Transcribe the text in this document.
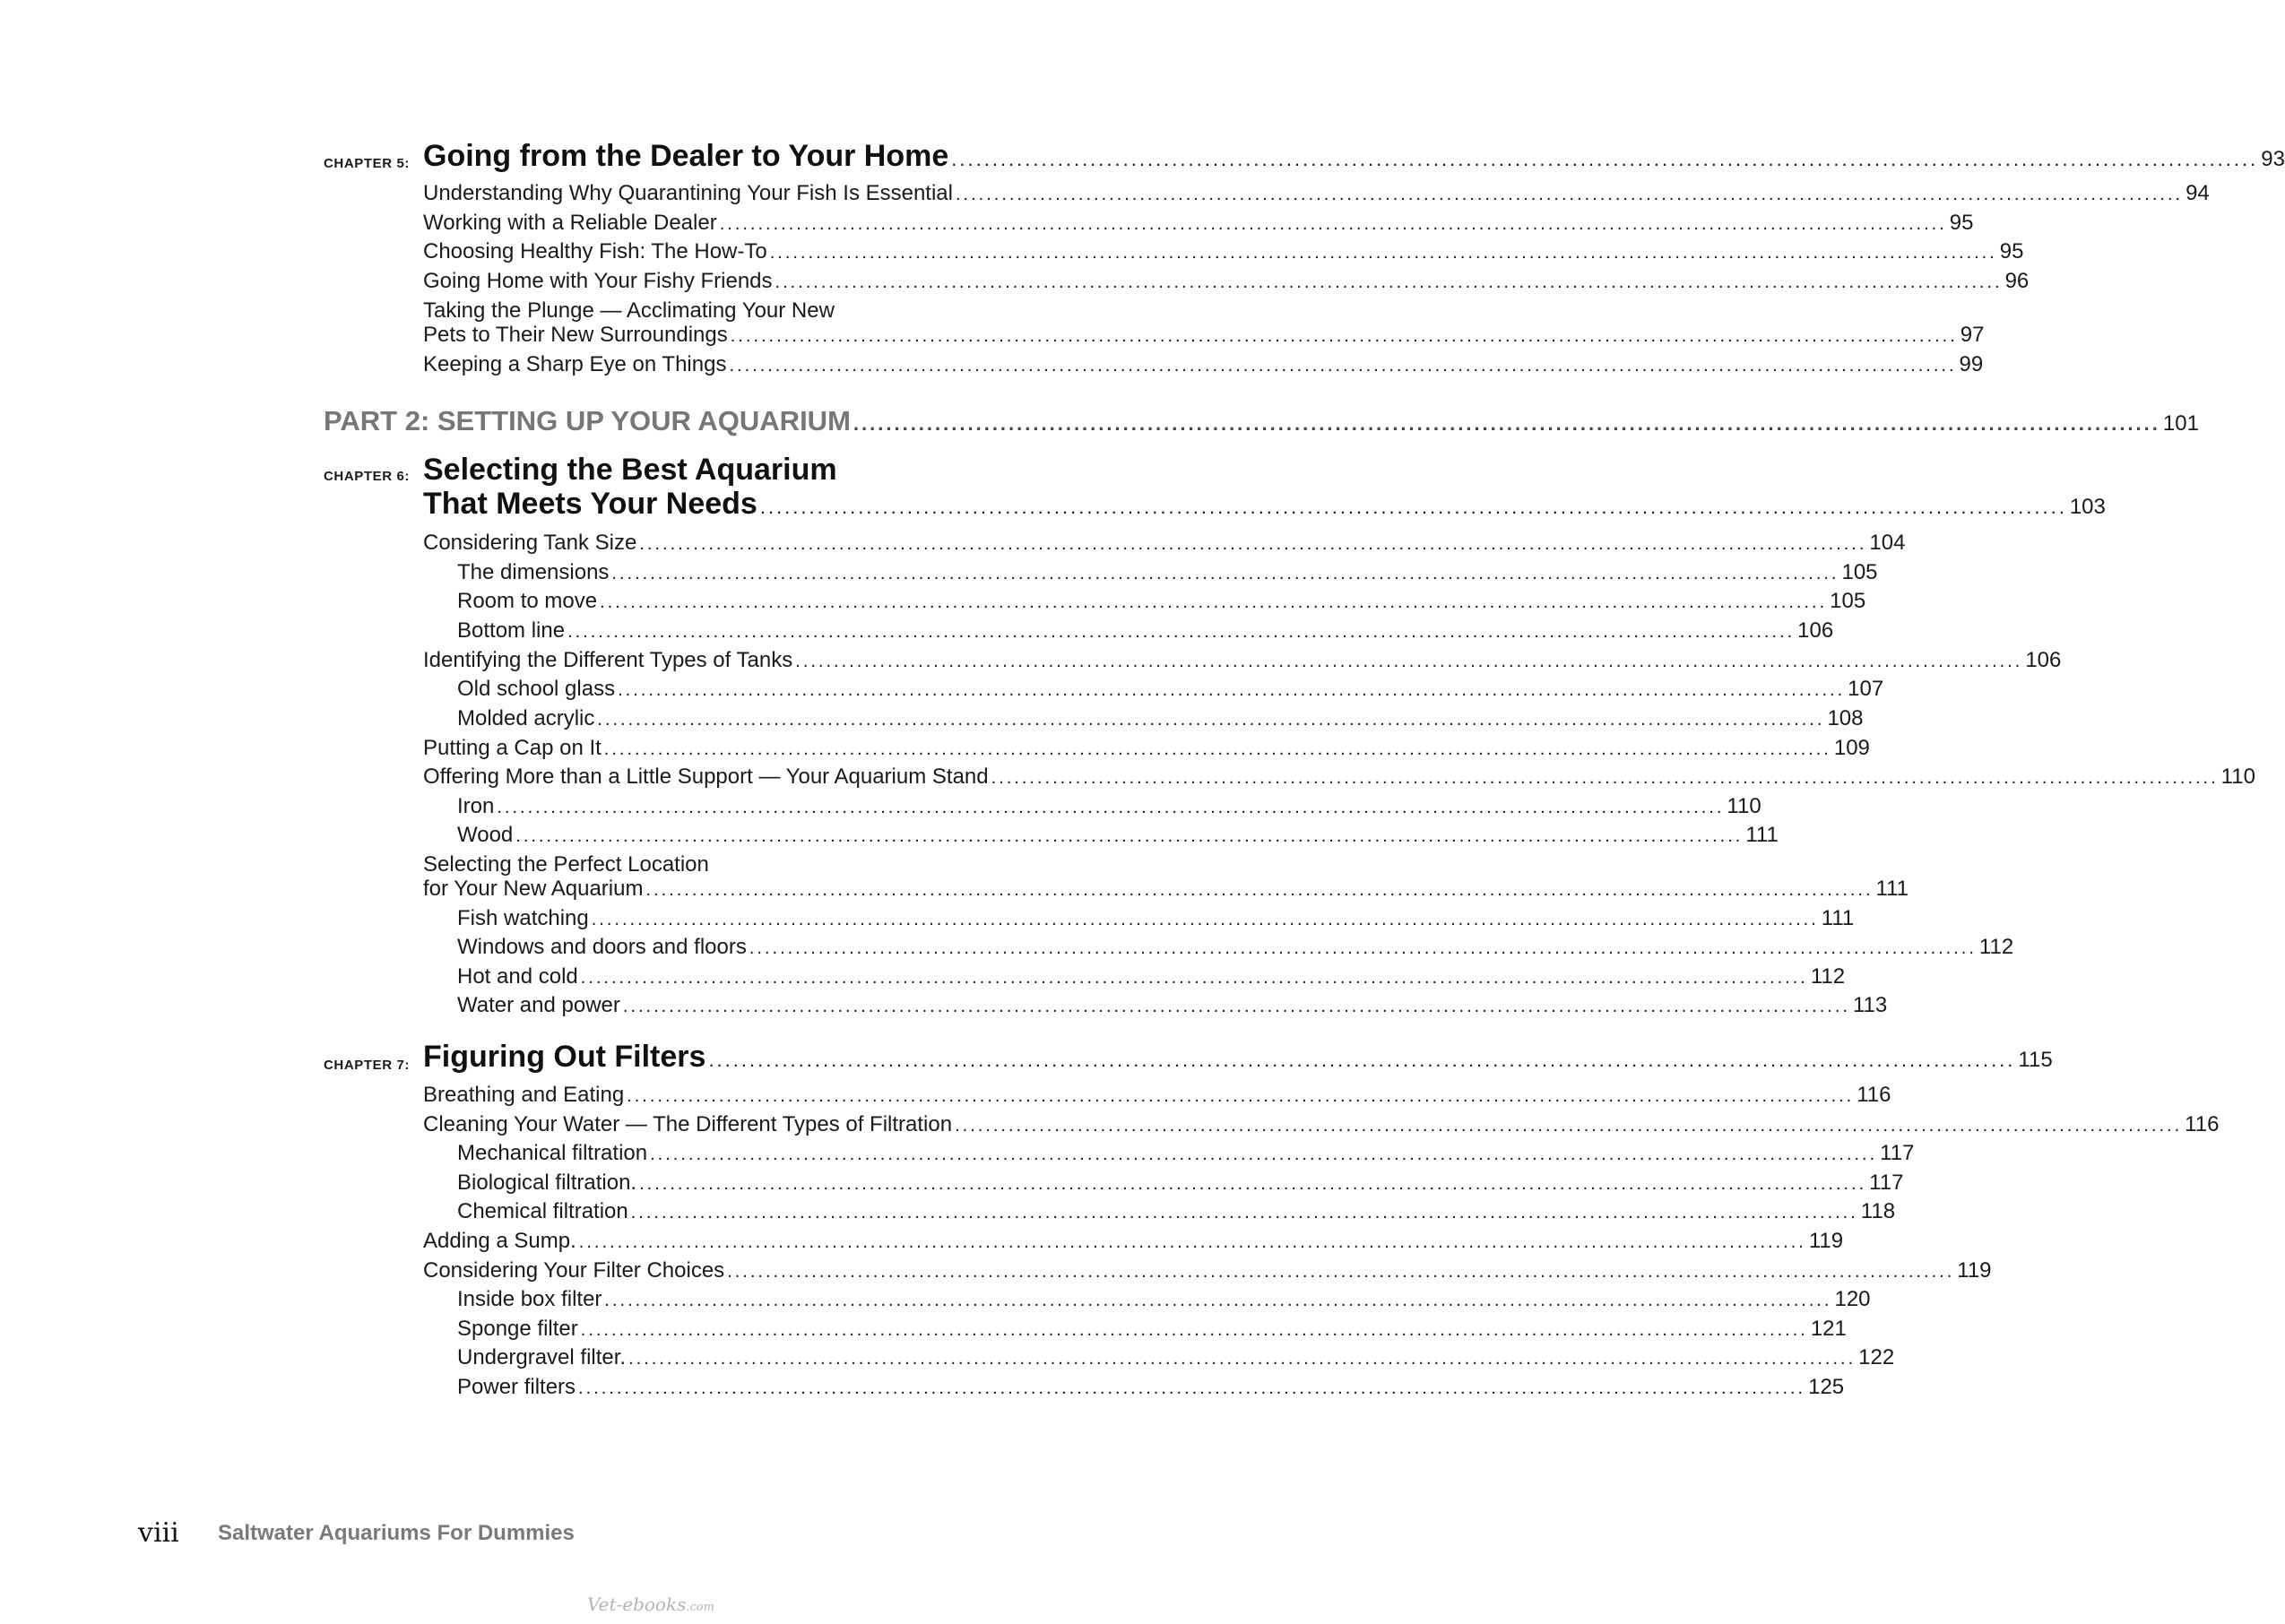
CHAPTER 5: Going from the Dealer to Your Home ................................................................................................................................................................ 93
Understanding Why Quarantining Your Fish Is Essential ................................................................................................................................................................ 94
Working with a Reliable Dealer ................................................................................................................................................................ 95
Choosing Healthy Fish: The How-To ................................................................................................................................................................ 95
Going Home with Your Fishy Friends ................................................................................................................................................................ 96
Taking the Plunge — Acclimating Your New
Pets to Their New Surroundings ................................................................................................................................................................ 97
Keeping a Sharp Eye on Things ................................................................................................................................................................ 99
PART 2: SETTING UP YOUR AQUARIUM ................................................................................................................................................................ 101
CHAPTER 6: Selecting the Best Aquarium
That Meets Your Needs ................................................................................................................................................................ 103
Considering Tank Size ................................................................................................................................................................ 104
The dimensions ................................................................................................................................................................ 105
Room to move ................................................................................................................................................................ 105
Bottom line ................................................................................................................................................................ 106
Identifying the Different Types of Tanks ................................................................................................................................................................ 106
Old school glass ................................................................................................................................................................ 107
Molded acrylic ................................................................................................................................................................ 108
Putting a Cap on It ................................................................................................................................................................ 109
Offering More than a Little Support — Your Aquarium Stand ................................................................................................................................................................ 110
Iron ................................................................................................................................................................ 110
Wood ................................................................................................................................................................ 111
Selecting the Perfect Location
for Your New Aquarium ................................................................................................................................................................ 111
Fish watching ................................................................................................................................................................ 111
Windows and doors and floors ................................................................................................................................................................ 112
Hot and cold ................................................................................................................................................................ 112
Water and power ................................................................................................................................................................ 113
CHAPTER 7: Figuring Out Filters ................................................................................................................................................................ 115
Breathing and Eating ................................................................................................................................................................ 116
Cleaning Your Water — The Different Types of Filtration ................................................................................................................................................................ 116
Mechanical filtration ................................................................................................................................................................ 117
Biological filtration. ................................................................................................................................................................ 117
Chemical filtration ................................................................................................................................................................ 118
Adding a Sump. ................................................................................................................................................................ 119
Considering Your Filter Choices ................................................................................................................................................................ 119
Inside box filter ................................................................................................................................................................ 120
Sponge filter ................................................................................................................................................................ 121
Undergravel filter. ................................................................................................................................................................ 122
Power filters ................................................................................................................................................................ 125
viii Saltwater Aquariums For Dummies
Vet-ebooks.com
